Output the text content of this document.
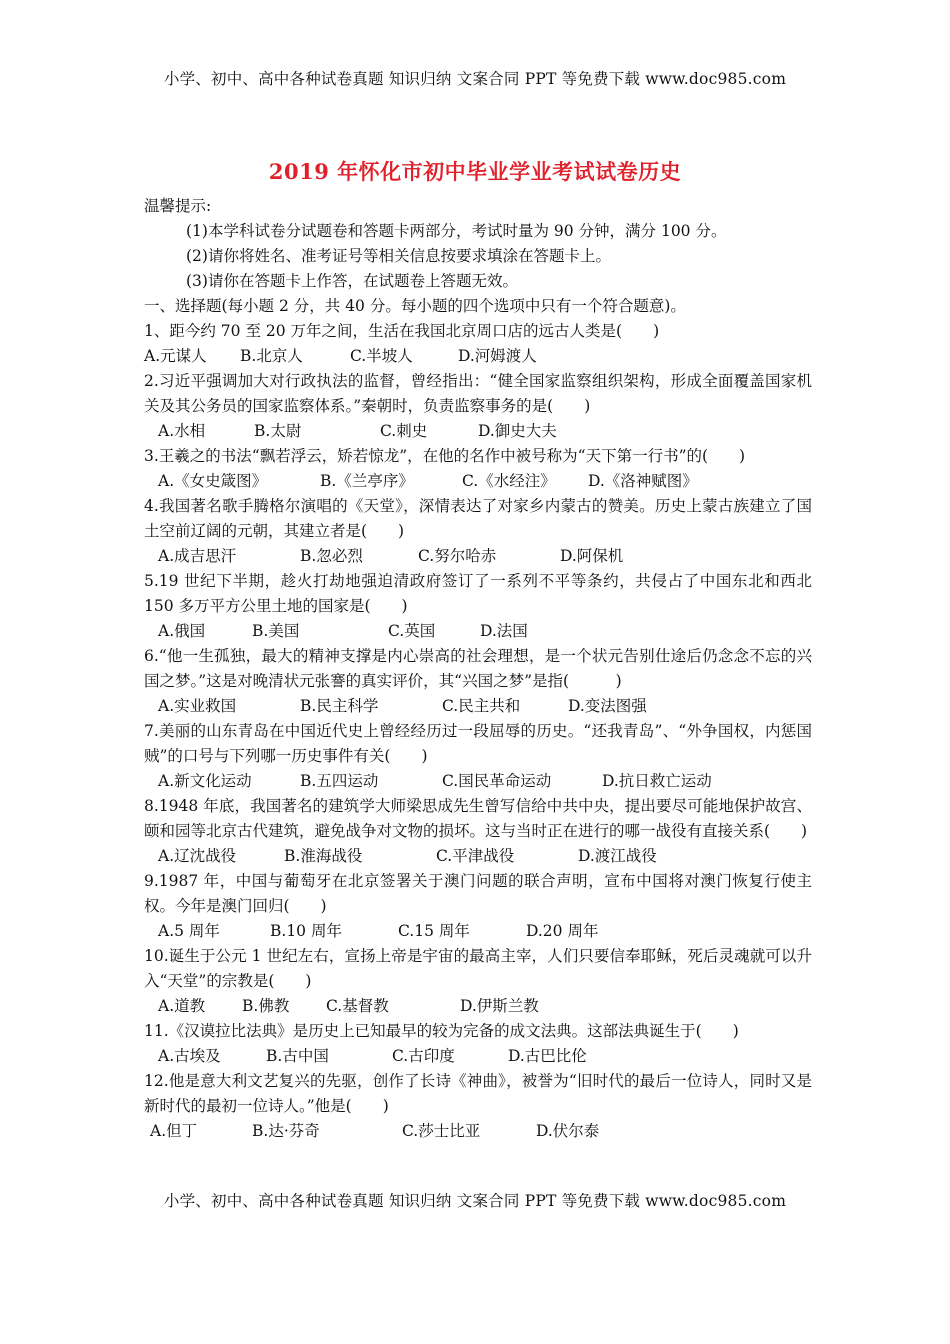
小学、初中、高中各种试卷真题 知识归纳 文案合同 PPT 等免费下载 www.doc985.com
2019 年怀化市初中毕业学业考试试卷历史
温馨提示:
(1)本学科试卷分试题卷和答题卡两部分，考试时量为 90 分钟，满分 100 分。
(2)请你将姓名、准考证号等相关信息按要求填涂在答题卡上。
(3)请你在答题卡上作答，在试题卷上答题无效。
一、选择题(每小题 2 分，共 40 分。每小题的四个选项中只有一个符合题意)。
1、距今约 70 至 20 万年之间，生活在我国北京周口店的远古人类是(　　)
A.元谋人	B.北京人	C.半坡人	D.河姆渡人
2.习近平强调加大对行政执法的监督，曾经指出：“健全国家监察组织架构，形成全面覆盖国家机关及其公务员的国家监察体系。”秦朝时，负责监察事务的是(　　)
A.水相	B.太尉	C.刺史	D.御史大夫
3.王羲之的书法“飘若浮云，矫若惊龙”，在他的名作中被号称为“天下第一行书”的(　　)
A.《女史箴图》	B.《兰亭序》	C.《水经注》	D.《洛神赋图》
4.我国著名歌手腾格尔演唱的《天堂》，深情表达了对家乡内蒙古的赞美。历史上蒙古族建立了国土空前辽阔的元朝，其建立者是(　　)
A.成吉思汗	B.忽必烈	C.努尔哈赤	D.阿保机
5.19 世纪下半期，趁火打劫地强迫清政府签订了一系列不平等条约，共侵占了中国东北和西北 150 多万平方公里土地的国家是(　　)
A.俄国	B.美国	C.英国	D.法国
6.“他一生孤独，最大的精神支撑是内心崇高的社会理想，是一个状元告别仕途后仍念念不忘的兴国之梦。”这是对晚清状元张謇的真实评价，其“兴国之梦”是指(　　　)
A.实业救国	B.民主科学	C.民主共和	D.变法图强
7.美丽的山东青岛在中国近代史上曾经经历过一段屈辱的历史。“还我青岛”、“外争国权，内惩国贼”的口号与下列哪一历史事件有关(　　)
A.新文化运动	B.五四运动	C.国民革命运动	D.抗日救亡运动
8.1948 年底，我国著名的建筑学大师梁思成先生曾写信给中共中央，提出要尽可能地保护故宫、颐和园等北京古代建筑，避免战争对文物的损坏。这与当时正在进行的哪一战役有直接关系(　　)
A.辽沈战役	B.淮海战役	C.平津战役	D.渡江战役
9.1987 年，中国与葡萄牙在北京签署关于澳门问题的联合声明，宣布中国将对澳门恢复行使主权。今年是澳门回归(　　)
A.5 周年	B.10 周年	C.15 周年	D.20 周年
10.诞生于公元 1 世纪左右，宣扬上帝是宇宙的最高主宰，人们只要信奉耶稣，死后灵魂就可以升入“天堂”的宗教是(　　)
A.道教	B.佛教	C.基督教	D.伊斯兰教
11.《汉谟拉比法典》是历史上已知最早的较为完备的成文法典。这部法典诞生于(　　)
A.古埃及	B.古中国	C.古印度	D.古巴比伦
12.他是意大利文艺复兴的先驱，创作了长诗《神曲》，被誉为“旧时代的最后一位诗人，同时又是新时代的最初一位诗人。”他是(　　)
A.但丁	B.达·芬奇	C.莎士比亚	D.伏尔泰
小学、初中、高中各种试卷真题 知识归纳 文案合同 PPT 等免费下载 www.doc985.com
